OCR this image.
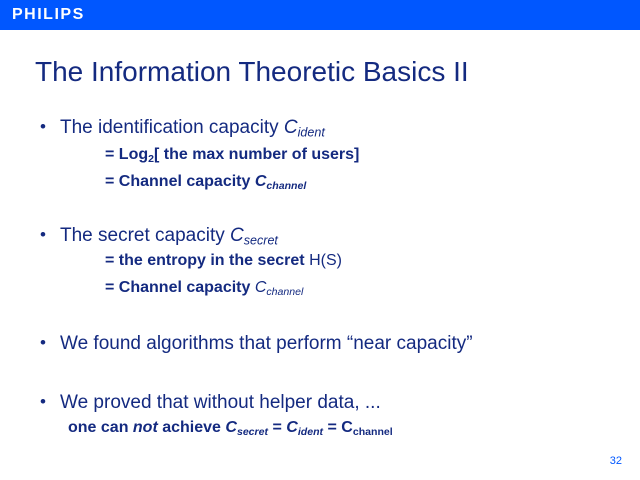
PHILIPS
The Information Theoretic Basics II
• The identification capacity $C_{ident}$
= Log$_2$[ the max number of users]
= Channel capacity $C_{channel}$
• The secret capacity $C_{secret}$
= the entropy in the secret H(S)
= Channel capacity $C_{channel}$
• We found algorithms that perform “near capacity”
• We proved that without helper data, ...
one can not achieve $C_{secret} = C_{ident} = C_{channel}$
32
